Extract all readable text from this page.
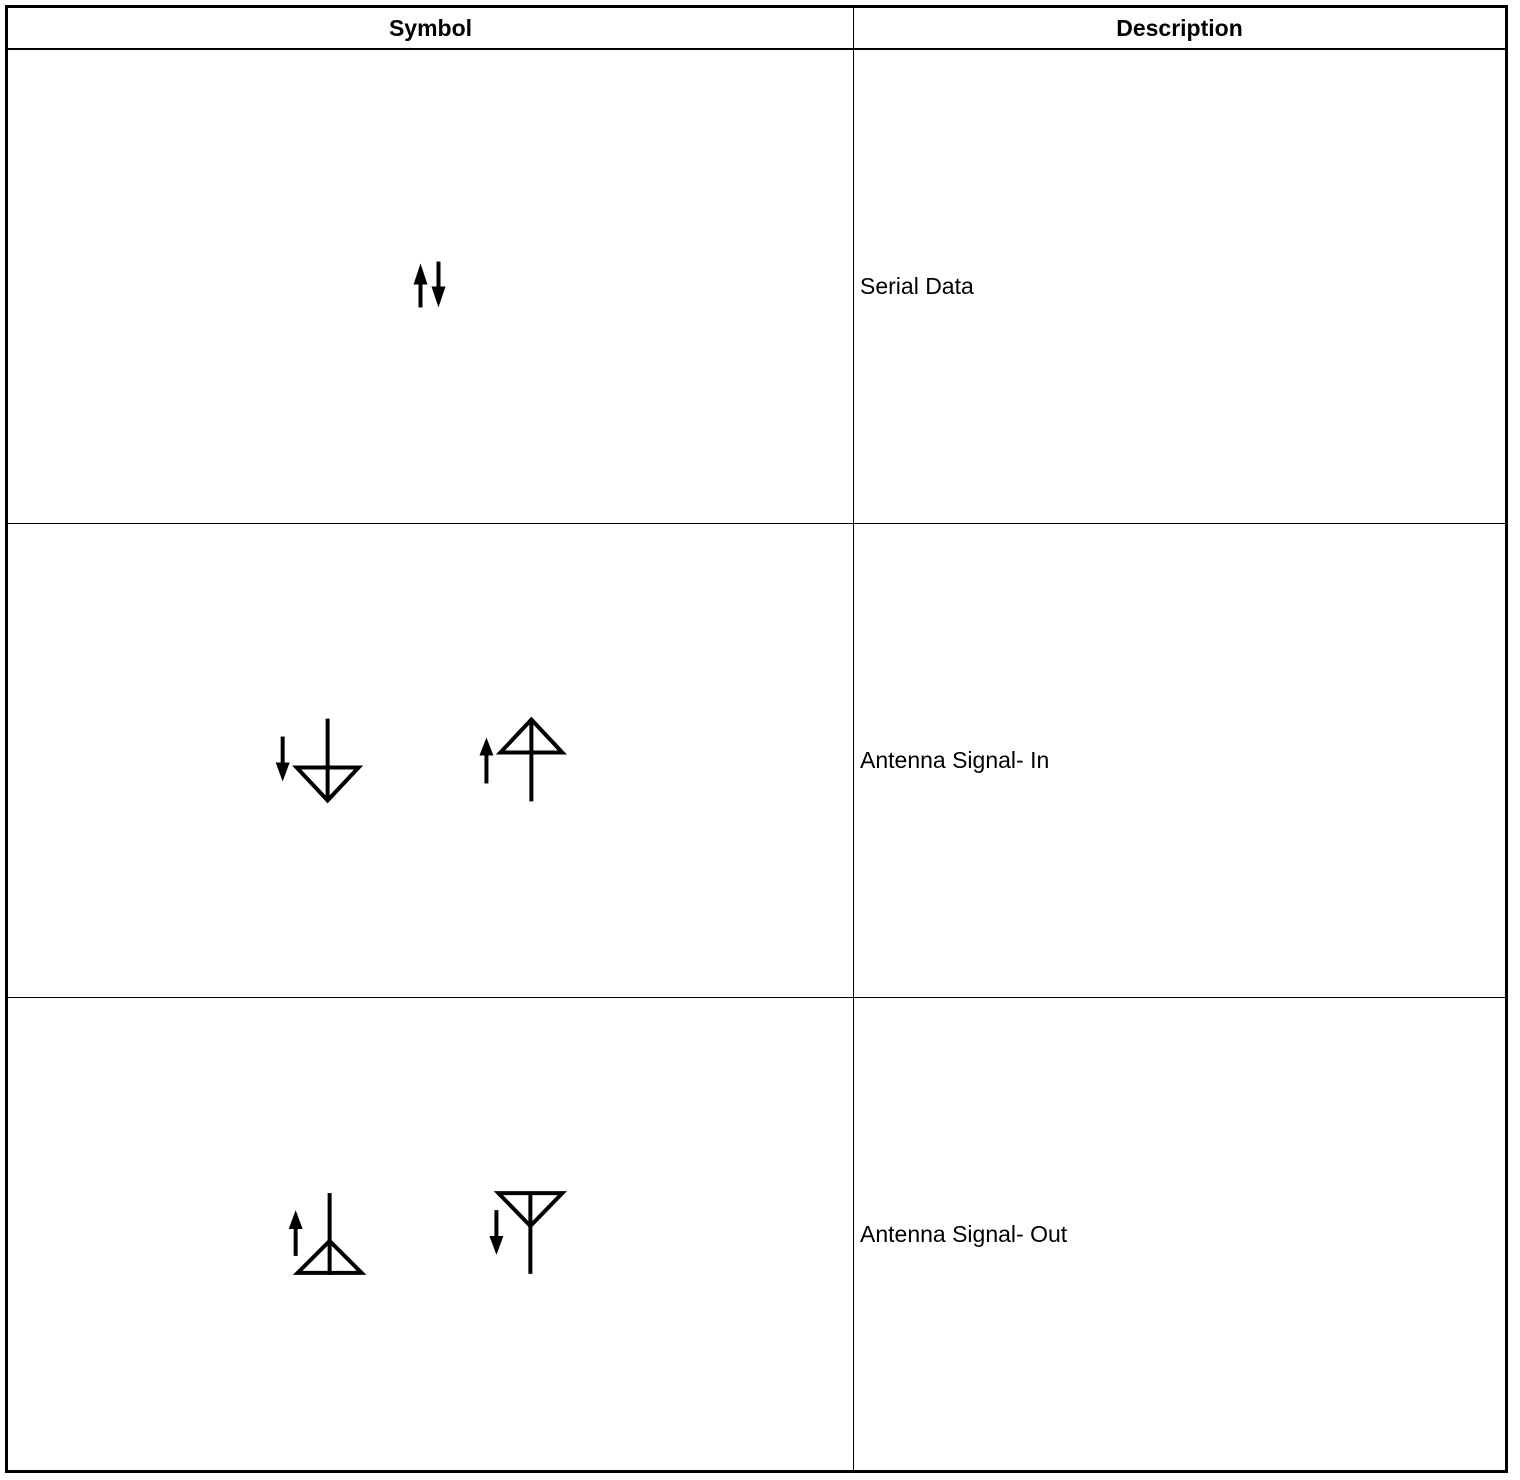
Symbol	Description
Serial Data
Antenna Signal- In
Antenna Signal- Out
